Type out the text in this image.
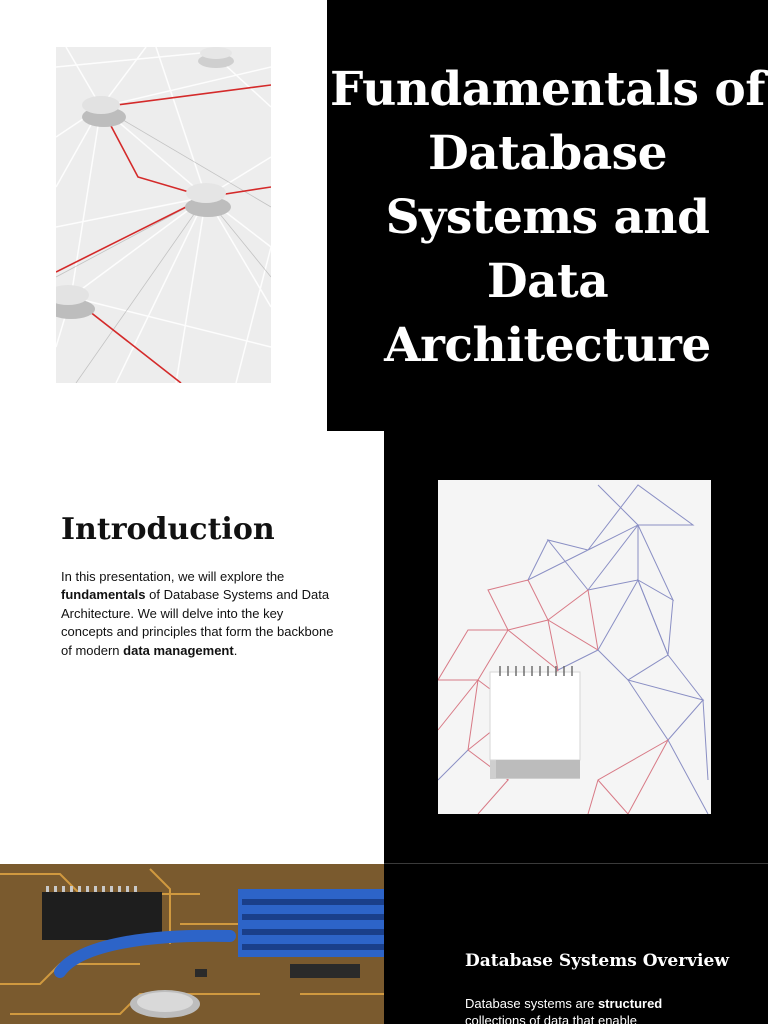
Fundamentals of Database Systems and Data Architecture
Introduction

In this presentation, we will explore the fundamentals of Database Systems and Data Architecture. We will delve into the key concepts and principles that form the backbone of modern data management.

Database Systems Overview

Database systems are structured
collections of data that enable
